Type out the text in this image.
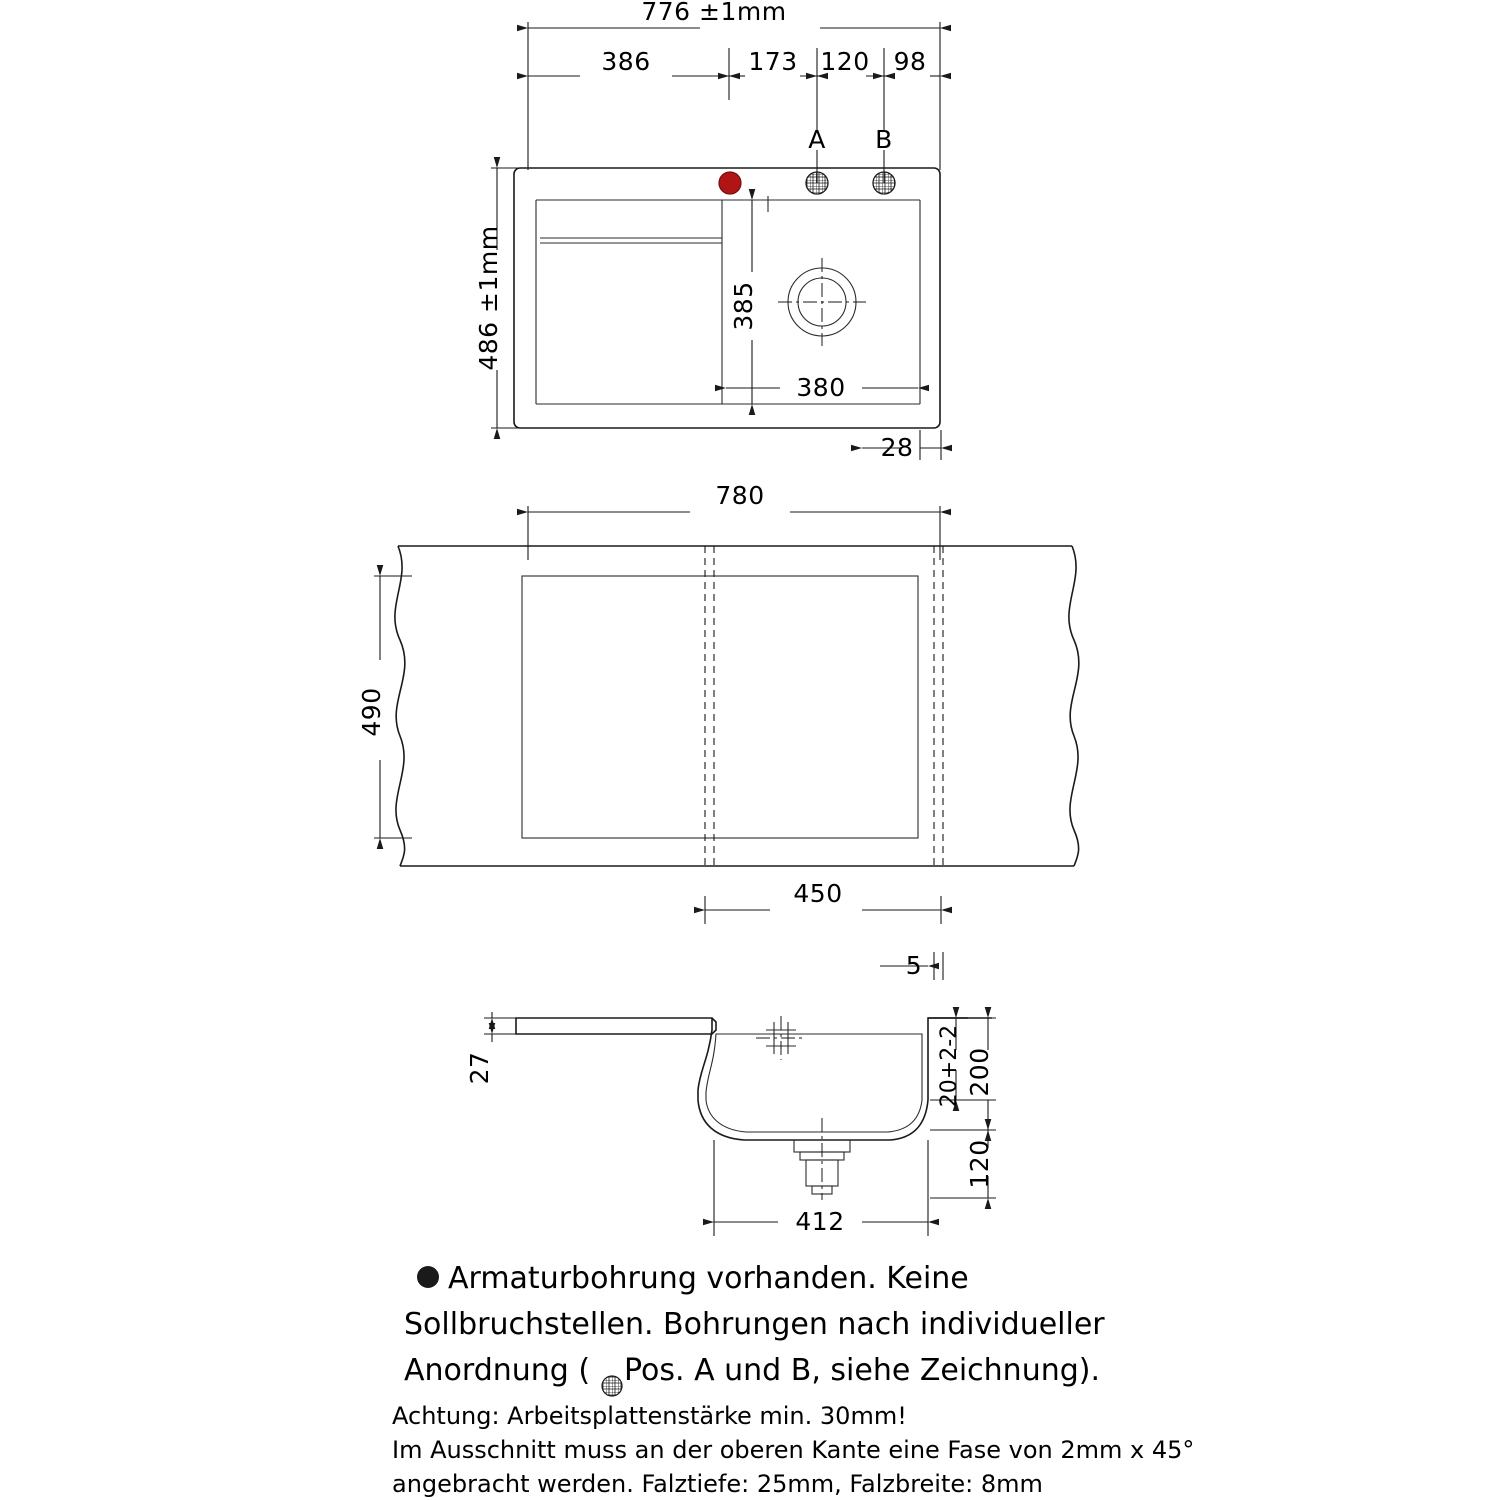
776 ±1mm
386	173 120 98
A B
486 ±1mm	385
380
28
780
490
450
5
27	20+2-2 200
120
412
Armaturbohrung vorhanden. Keine
Sollbruchstellen. Bohrungen nach individueller
Anordnung ( Pos. A und B, siehe Zeichnung).
Achtung: Arbeitsplattenstärke min. 30mm!
Im Ausschnitt muss an der oberen Kante eine Fase von 2mm x 45°
angebracht werden. Falztiefe: 25mm, Falzbreite: 8mm
